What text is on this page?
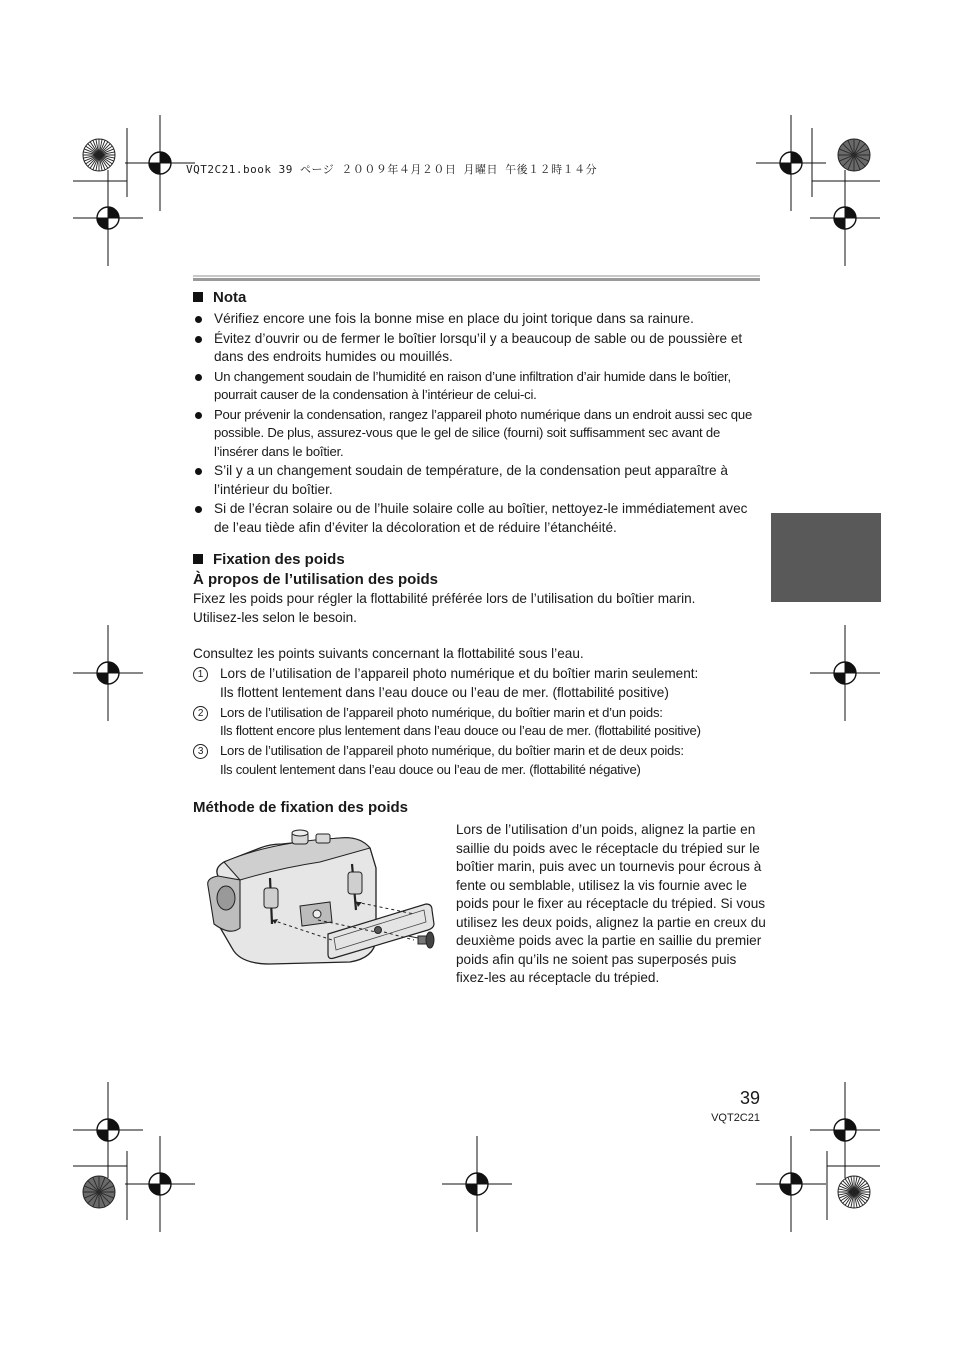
VQT2C21.book 39 ページ ２００９年４月２０日 月曜日 午後１２時１４分
Nota
Vérifiez encore une fois la bonne mise en place du joint torique dans sa rainure.
Évitez d’ouvrir ou de fermer le boîtier lorsqu’il y a beaucoup de sable ou de poussière et dans des endroits humides ou mouillés.
Un changement soudain de l’humidité en raison d’une infiltration d’air humide dans le boîtier, pourrait causer de la condensation à l’intérieur de celui-ci.
Pour prévenir la condensation, rangez l’appareil photo numérique dans un endroit aussi sec que possible. De plus, assurez-vous que le gel de silice (fourni) soit suffisamment sec avant de l’insérer dans le boîtier.
S’il y a un changement soudain de température, de la condensation peut apparaître à l’intérieur du boîtier.
Si de l’écran solaire ou de l’huile solaire colle au boîtier, nettoyez-le immédiatement avec de l’eau tiède afin d’éviter la décoloration et de réduire l’étanchéité.
Fixation des poids
À propos de l’utilisation des poids
Fixez les poids pour régler la flottabilité préférée lors de l’utilisation du boîtier marin.
Utilisez-les selon le besoin.
Consultez les points suivants concernant la flottabilité sous l’eau.
1	Lors de l’utilisation de l’appareil photo numérique et du boîtier marin seulement:
Ils flottent lentement dans l’eau douce ou l’eau de mer. (flottabilité positive)
2	Lors de l’utilisation de l’appareil photo numérique, du boîtier marin et d’un poids:
Ils flottent encore plus lentement dans l’eau douce ou l’eau de mer. (flottabilité positive)
3	Lors de l’utilisation de l’appareil photo numérique, du boîtier marin et de deux poids:
Ils coulent lentement dans l’eau douce ou l’eau de mer. (flottabilité négative)
Méthode de fixation des poids
Lors de l’utilisation d’un poids, alignez la partie en saillie du poids avec le réceptacle du trépied sur le boîtier marin, puis avec un tournevis pour écrous à fente ou semblable, utilisez la vis fournie avec le poids pour le fixer au réceptacle du trépied. Si vous utilisez les deux poids, alignez la partie en creux du deuxième poids avec la partie en saillie du premier poids afin qu’ils ne soient pas superposés puis fixez-les au réceptacle du trépied.
39
VQT2C21
